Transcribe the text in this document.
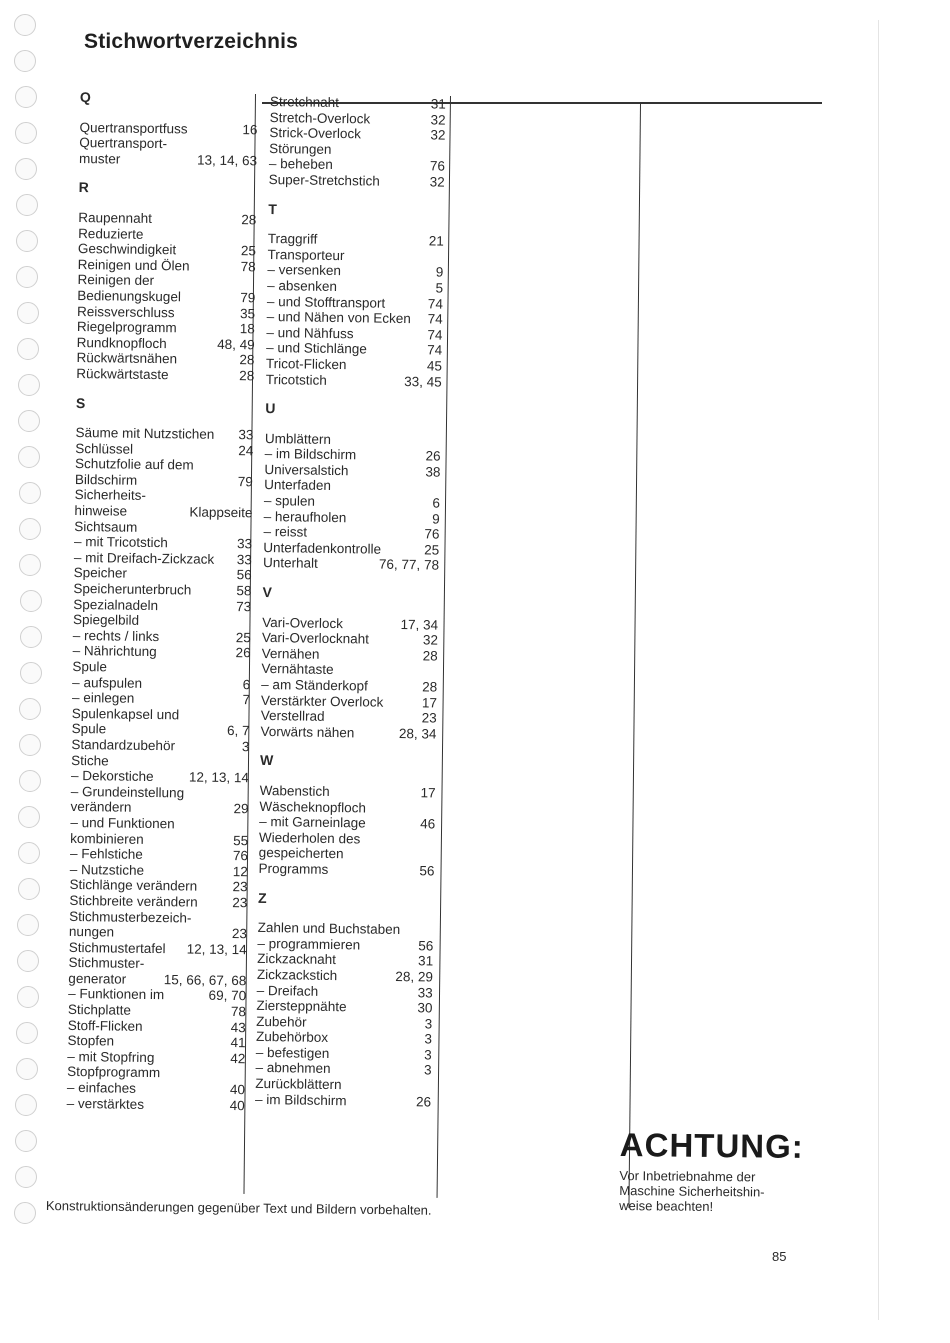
Stichwortverzeichnis
Q
Quertransportfuss	16
Quertransport-
muster	13, 14, 63
R
Raupennaht	28
Reduzierte
Geschwindigkeit	25
Reinigen und Ölen	78
Reinigen der
Bedienungskugel	79
Reissverschluss	35
Riegelprogramm	18
Rundknopfloch	48, 49
Rückwärtsnähen	28
Rückwärtstaste	28
S
Säume mit Nutzstichen	33
Schlüssel	24
Schutzfolie auf dem
Bildschirm	79
Sicherheits-
hinweise	Klappseite
Sichtsaum
– mit Tricotstich	33
– mit Dreifach-Zickzack	33
Speicher	56
Speicherunterbruch	58
Spezialnadeln	73
Spiegelbild
– rechts / links	25
– Nährichtung	26
Spule
– aufspulen	6
– einlegen	7
Spulenkapsel und
Spule	6, 7
Standardzubehör	3
Stiche
– Dekorstiche	12, 13, 14
– Grundeinstellung
verändern	29
– und Funktionen
kombinieren	55
– Fehlstiche	76
– Nutzstiche	12
Stichlänge verändern	23
Stichbreite verändern	23
Stichmusterbezeich-
nungen	23
Stichmustertafel	12, 13, 14
Stichmuster-
generator	15, 66, 67, 68
– Funktionen im	69, 70
Stichplatte	78
Stoff-Flicken	43
Stopfen	41
– mit Stopfring	42
Stopfprogramm
– einfaches	40
– verstärktes	40
Stretchnaht	31
Stretch-Overlock	32
Strick-Overlock	32
Störungen
– beheben	76
Super-Stretchstich	32
T
Traggriff	21
Transporteur
– versenken	9
– absenken	5
– und Stofftransport	74
– und Nähen von Ecken	74
– und Nähfuss	74
– und Stichlänge	74
Tricot-Flicken	45
Tricotstich	33, 45
U
Umblättern
– im Bildschirm	26
Universalstich	38
Unterfaden
– spulen	6
– heraufholen	9
– reisst	76
Unterfadenkontrolle	25
Unterhalt	76, 77, 78
V
Vari-Overlock	17, 34
Vari-Overlocknaht	32
Vernähen	28
Vernähtaste
– am Ständerkopf	28
Verstärkter Overlock	17
Verstellrad	23
Vorwärts nähen	28, 34
W
Wabenstich	17
Wäscheknopfloch
– mit Garneinlage	46
Wiederholen des
gespeicherten
Programms	56
Z
Zahlen und Buchstaben
– programmieren	56
Zickzacknaht	31
Zickzackstich	28, 29
– Dreifach	33
Ziersteppnähte	30
Zubehör	3
Zubehörbox	3
– befestigen	3
– abnehmen	3
Zurückblättern
– im Bildschirm	26
Konstruktionsänderungen gegenüber Text und Bildern vorbehalten.
ACHTUNG:
Vor Inbetriebnahme der Maschine Sicherheitshin-weise beachten!
85
